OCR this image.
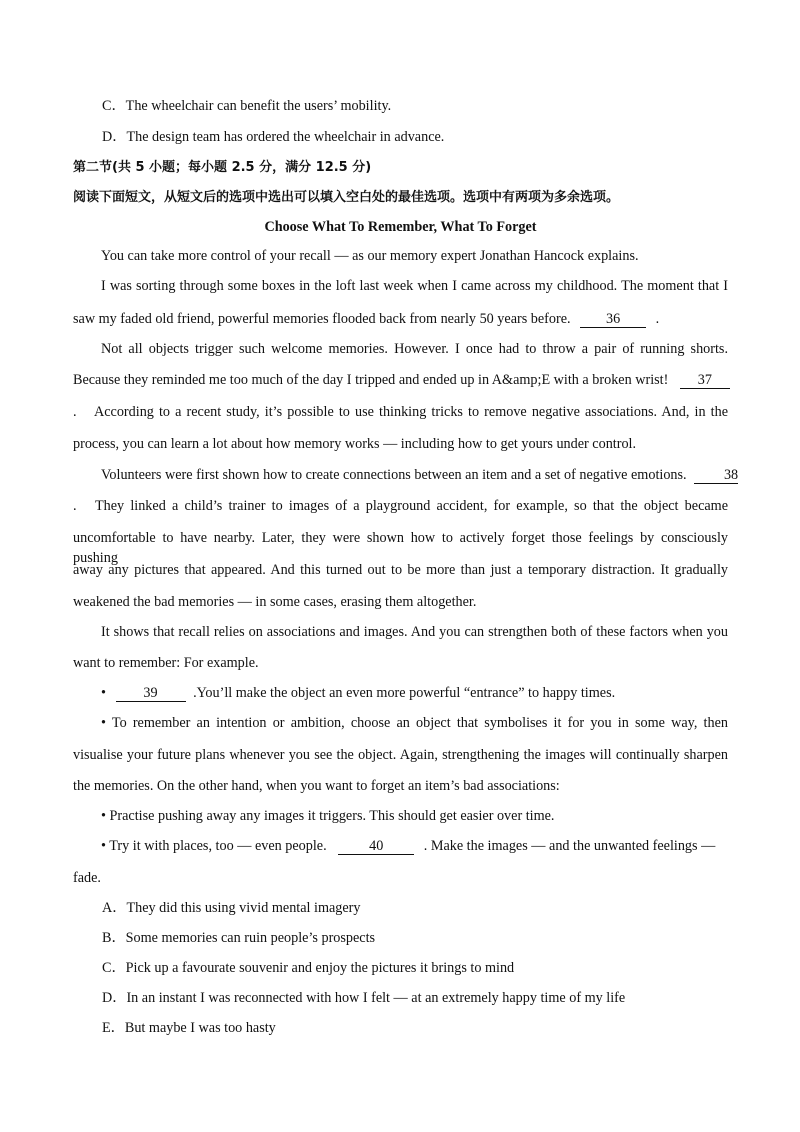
C．The wheelchair can benefit the users’ mobility.
D．The design team has ordered the wheelchair in advance.
第二节(共 5 小题；每小题 2.5 分，满分 12.5 分)
阅读下面短文，从短文后的选项中选出可以填入空白处的最佳选项。选项中有两项为多余选项。
Choose What To Remember, What To Forget
You can take more control of your recall — as our memory expert Jonathan Hancock explains.
I was sorting through some boxes in the loft last week when I came across my childhood. The moment that I
saw my faded old friend, powerful memories flooded back from nearly 50 years before. 36 .
Not all objects trigger such welcome memories. However. I once had to throw a pair of running shorts.
Because they reminded me too much of the day I tripped and ended up in A&amp;E with a broken wrist! 37
. According to a recent study, it’s possible to use thinking tricks to remove negative associations. And, in the
process, you can learn a lot about how memory works — including how to get yours under control.
Volunteers were first shown how to create connections between an item and a set of negative emotions.	38
. They linked a child’s trainer to images of a playground accident, for example, so that the object became
uncomfortable to have nearby. Later, they were shown how to actively forget those feelings by consciously pushing
away any pictures that appeared. And this turned out to be more than just a temporary distraction. It gradually
weakened the bad memories — in some cases, erasing them altogether.
It shows that recall relies on associations and images. And you can strengthen both of these factors when you
want to remember: For example.
•	39 .You’ll make the object an even more powerful “entrance” to happy times.
• To remember an intention or ambition, choose an object that symbolises it for you in some way, then
visualise your future plans whenever you see the object. Again, strengthening the images will continually sharpen
the memories. On the other hand, when you want to forget an item’s bad associations:
• Practise pushing away any images it triggers. This should get easier over time.
• Try it with places, too — even people.	40	. Make the images — and the unwanted feelings —
fade.
A．They did this using vivid mental imagery
B．Some memories can ruin people’s prospects
C．Pick up a favourate souvenir and enjoy the pictures it brings to mind
D．In an instant I was reconnected with how I felt — at an extremely happy time of my life
E．But maybe I was too hasty
